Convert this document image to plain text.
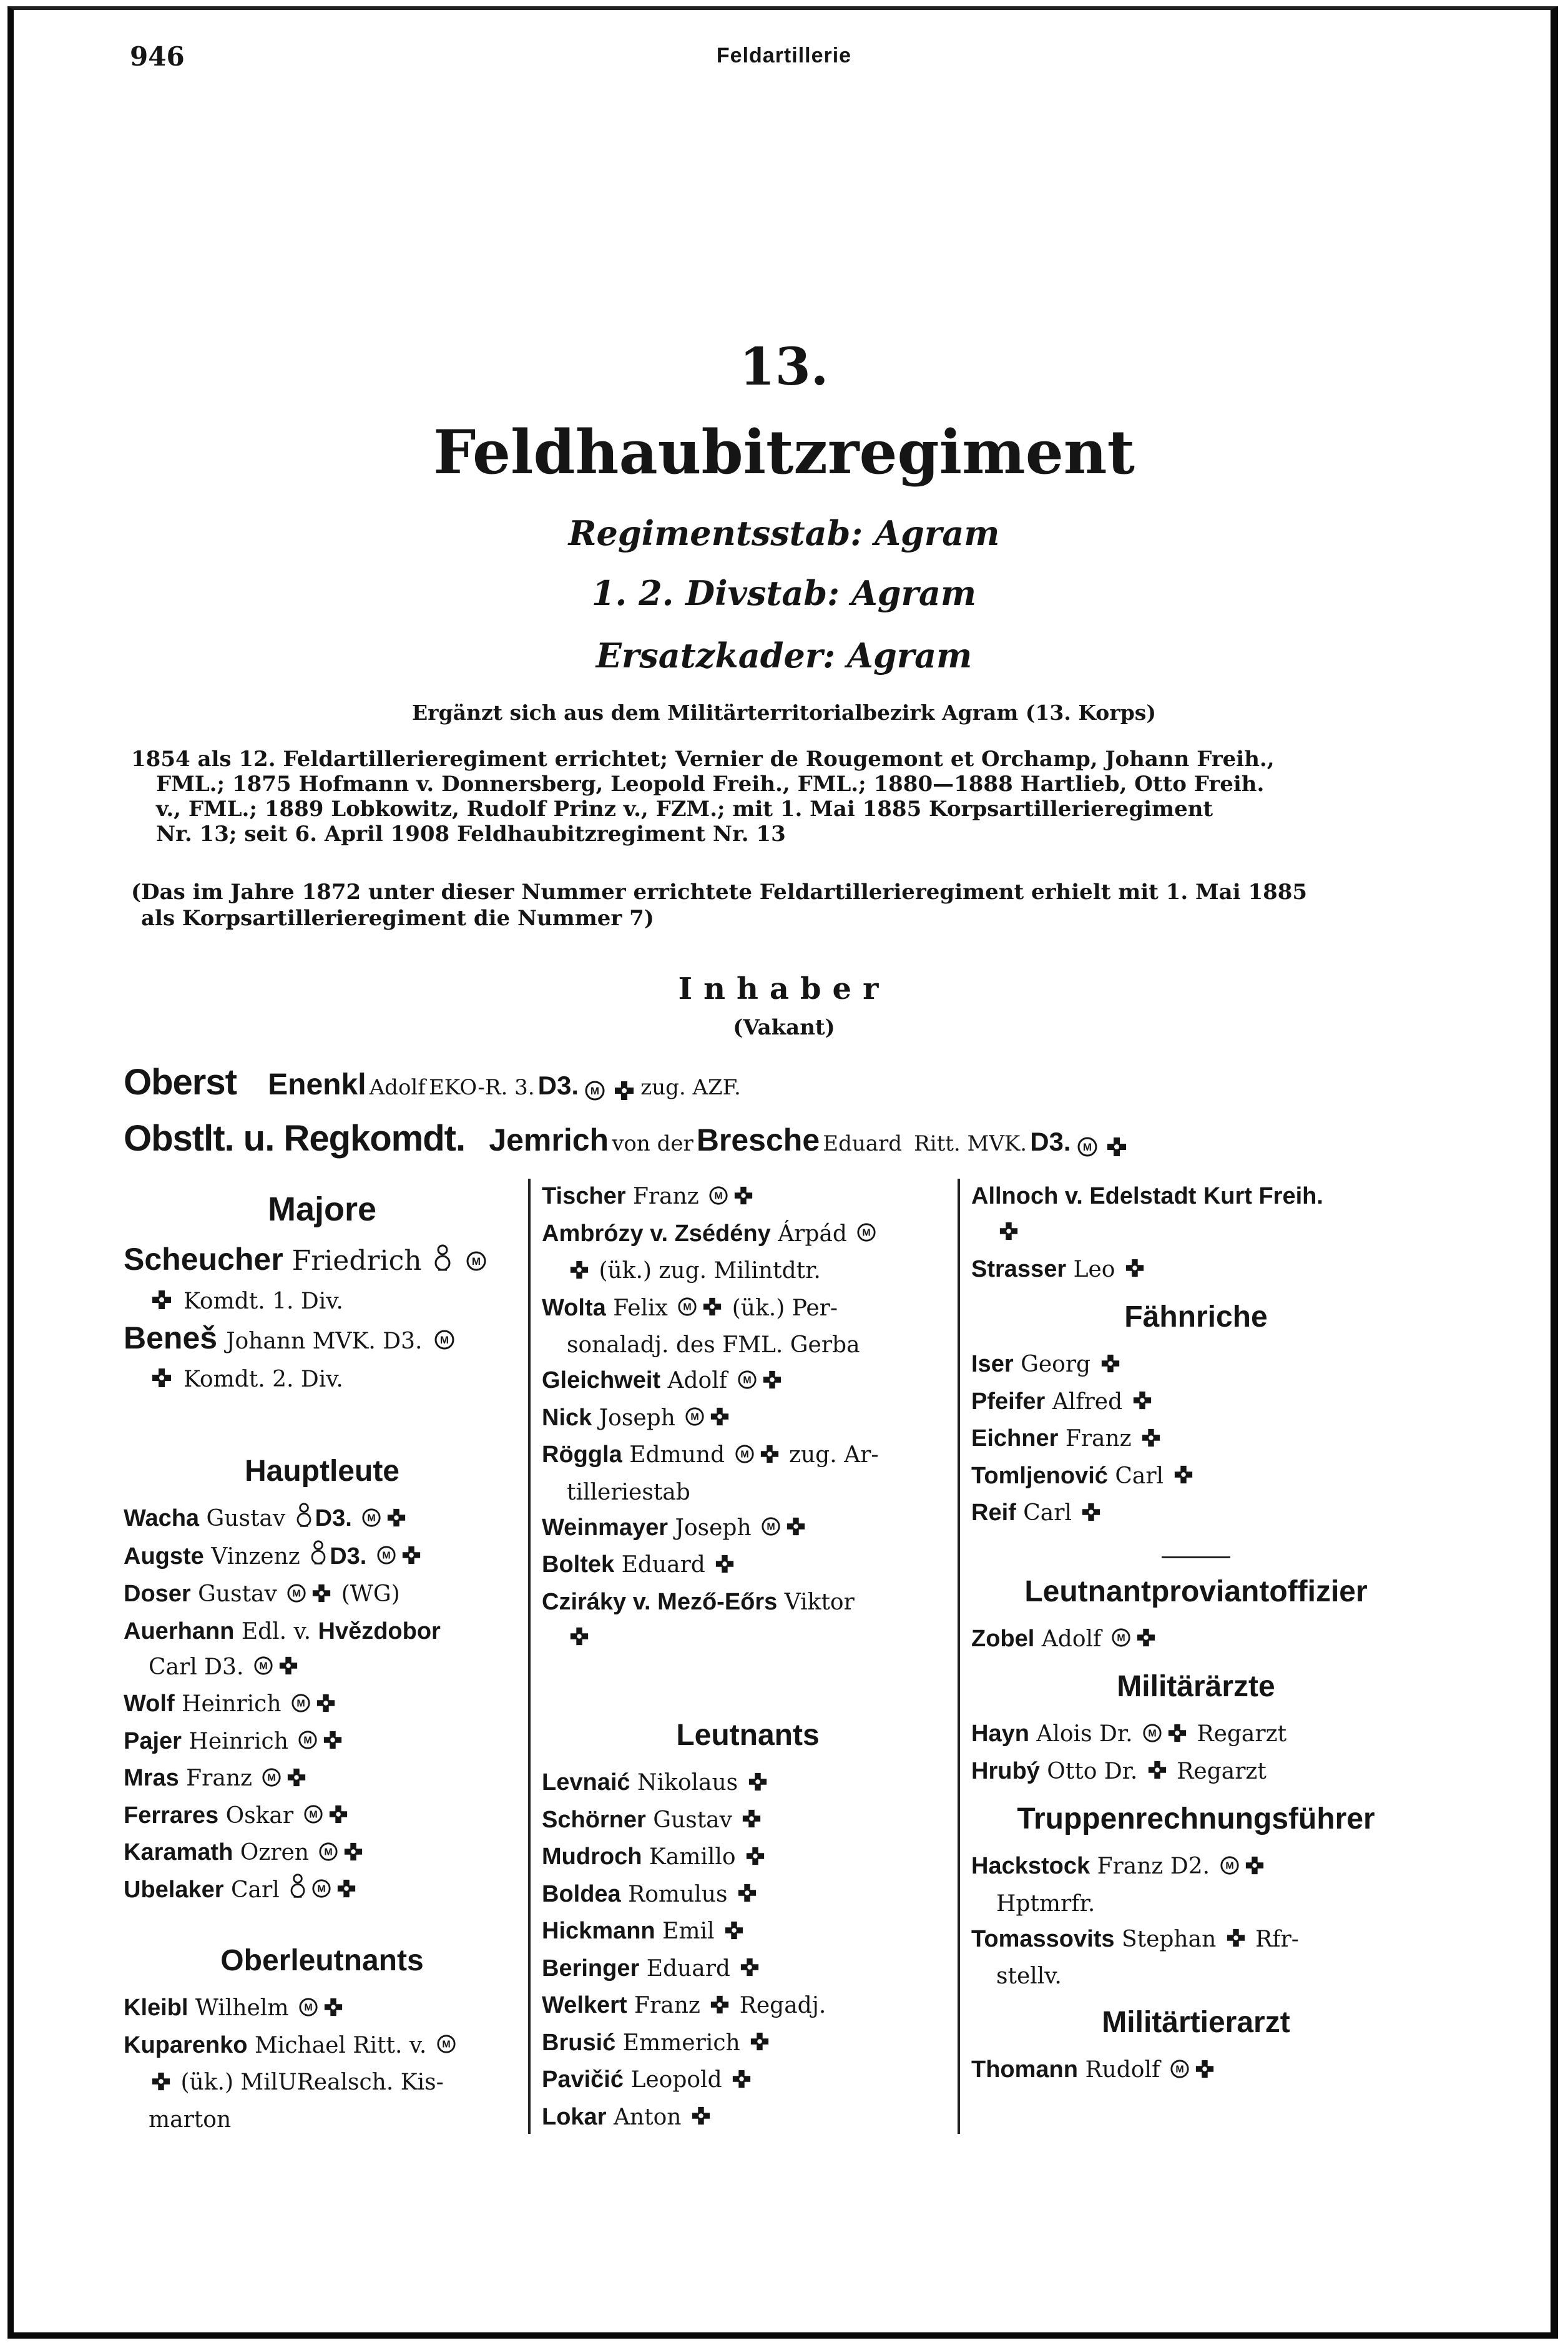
946	Feldartillerie
13.
Feldhaubitzregiment
Regimentsstab: Agram
1. 2. Divstab: Agram
Ersatzkader: Agram
Ergänzt sich aus dem Militärterritorialbezirk Agram (13. Korps)
1854 als 12. Feldartillerieregiment errichtet; Vernier de Rougemont et Orchamp, Johann Freih.,
FML.; 1875 Hofmann v. Donnersberg, Leopold Freih., FML.; 1880—1888 Hartlieb, Otto Freih.
v., FML.; 1889 Lobkowitz, Rudolf Prinz v., FZM.; mit 1. Mai 1885 Korpsartillerieregiment
Nr. 13; seit 6. April 1908 Feldhaubitzregiment Nr. 13
(Das im Jahre 1872 unter dieser Nummer errichtete Feldartillerieregiment erhielt mit 1. Mai 1885
als Korpsartillerieregiment die Nummer 7)
Inhaber
(Vakant)
Oberst Enenkl Adolf EKO-R. 3. D3. M zug. AZF.
Obstlt. u. Regkomdt. Jemrich von der Bresche Eduard Ritt. MVK. D3. M

Majore
Scheucher Friedrich	M
Komdt. 1. Div.
Beneš Johann MVK. D3. M
Komdt. 2. Div.
Hauptleute
Wacha Gustav D3. M
Augste Vinzenz D3. M
Doser Gustav M (WG)
Auerhann Edl. v. Hvězdobor
Carl D3. M
Wolf Heinrich M
Pajer Heinrich M
Mras Franz M
Ferrares Oskar M
Karamath Ozren M
Ubelaker Carl	M
Oberleutnants
Kleibl Wilhelm M
Kuparenko Michael Ritt. v. M
(ük.) MilURealsch. Kis-
marton
Tischer Franz M
Ambrózy v. Zsédény Árpád M
(ük.) zug. Milintdtr.
Wolta Felix M (ük.) Per-
sonaladj. des FML. Gerba
Gleichweit Adolf M
Nick Joseph M
Röggla Edmund M zug. Ar-
tilleriestab
Weinmayer Joseph M
Boltek Eduard
Cziráky v. Mező-Eőrs Viktor
Leutnants
Levnaić Nikolaus
Schörner Gustav
Mudroch Kamillo
Boldea Romulus
Hickmann Emil
Beringer Eduard
Welkert Franz Regadj.
Brusić Emmerich
Pavičić Leopold
Lokar Anton
Allnoch v. Edelstadt Kurt Freih.
Strasser Leo
Fähnriche
Iser Georg
Pfeifer Alfred
Eichner Franz
Tomljenović Carl
Reif Carl
Leutnantproviantoffizier
Zobel Adolf M
Militärärzte
Hayn Alois Dr. M Regarzt
Hrubý Otto Dr. Regarzt
Truppenrechnungsführer
Hackstock Franz D2. M
Hptmrfr.
Tomassovits Stephan Rfr-
stellv.
Militärtierarzt
Thomann Rudolf M
